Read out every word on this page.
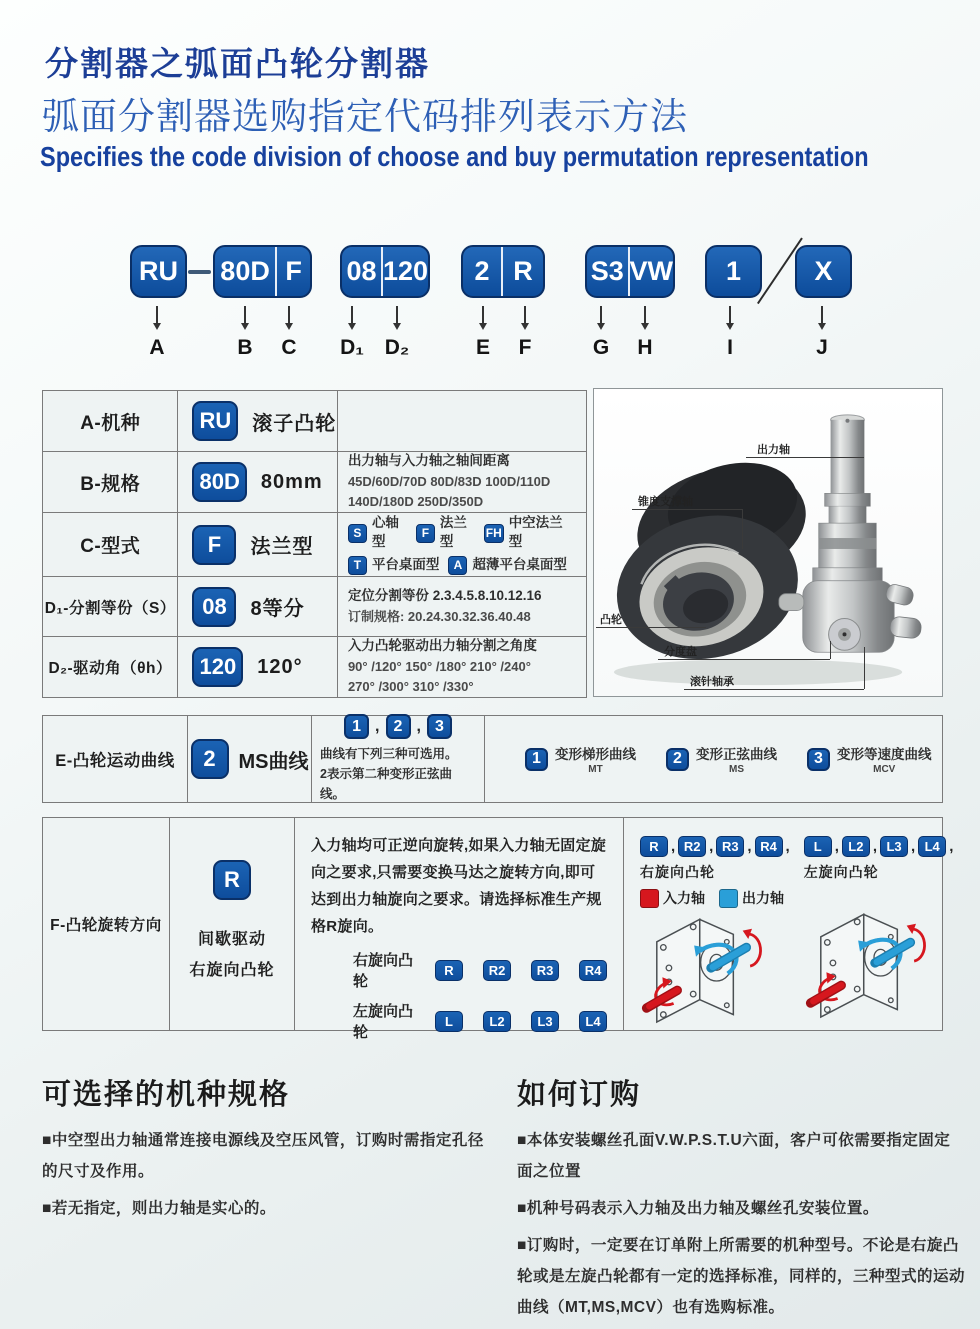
分割器之弧面凸轮分割器
弧面分割器选购指定代码排列表示方法
Specifies the code division of choose and buy permutation representation
RU 80D F	08 120	2 R	S3 VW	1	X
A	B	C	D₁ D₂	E	F	G	H	I	J
A-机种	RU	滚子凸轮
B-规格	80D	80mm
出力轴与入力轴之轴间距离
45D/60D/70D 80D/83D 100D/110D
140D/180D 250D/350D
C-型式	F	法兰型
S
心轴型
F
法兰型
FH
中空法兰型
T 平台桌面型	A 超薄平台桌面型
D₁-分割等份（S）	08	8等分
定位分割等份 2.3.4.5.8.10.12.16
订制规格: 20.24.30.32.36.40.48
D₂-驱动角（θh）	120	120°
入力凸轮驱动出力轴分割之角度
90° /120° 150° /180° 210° /240°
270° /300° 310° /330°
出力轴
锥度支撑轴
凸轮
分度盘
滚针轴承
E-凸轮运动曲线	2	MS曲线
1 , 2 , 3
曲线有下列三种可选用。
2表示第二种变形正弦曲线。
1	变形梯形曲线
MT
2	变形正弦曲线
MS
3	变形等速度曲线
MCV
F-凸轮旋转方向
R
间歇驱动
右旋向凸轮
入力轴均可正逆向旋转,如果入力轴无固定旋向之要求,只需要变换马达之旋转方向,即可达到出力轴旋向之要求。请选择标准生产规格R旋向。
右旋向凸轮
R	R2	R3	R4
左旋向凸轮
L	L2	L3	L4
R , R2 , R3 , R4 ,
右旋向凸轮
入力轴	出力轴
L , L2 , L3 , L4 ,
左旋向凸轮
可选择的机种规格

■中空型出力轴通常连接电源线及空压风管，订购时需指定孔径的尺寸及作用。

■若无指定，则出力轴是实心的。

如何订购

■本体安装螺丝孔面V.W.P.S.T.U六面，客户可依需要指定固定面之位置

■机种号码表示入力轴及出力轴及螺丝孔安装位置。

■订购时，一定要在订单附上所需要的机种型号。不论是右旋凸轮或是左旋凸轮都有一定的选择标准，同样的，三种型式的运动曲线（MT,MS,MCV）也有选购标准。
